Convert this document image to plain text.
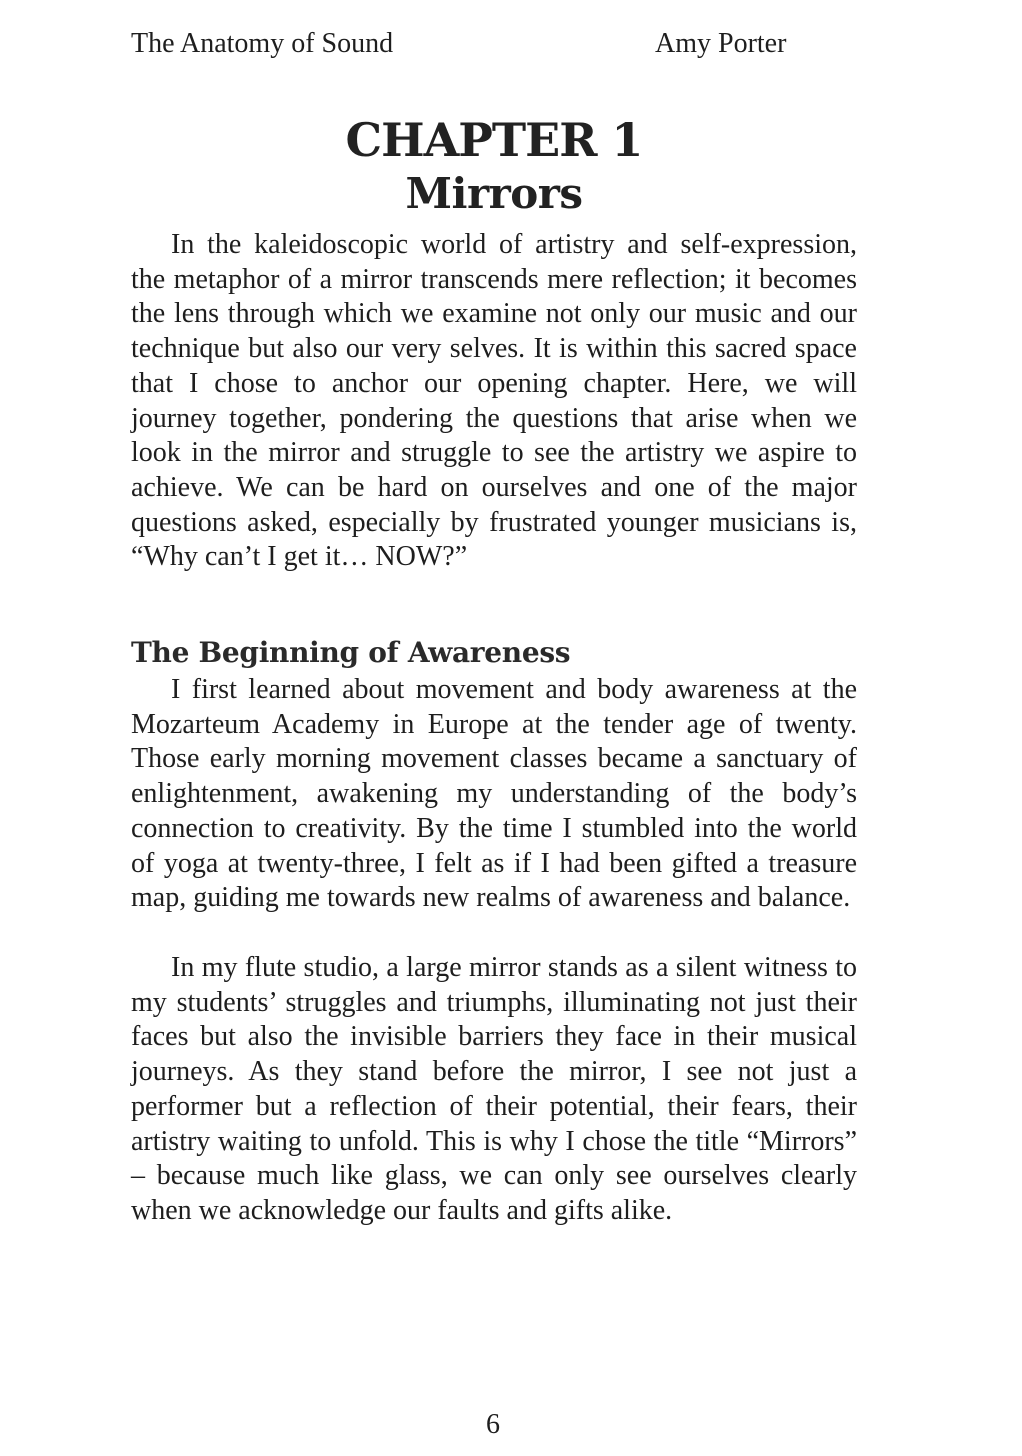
The Anatomy of Sound	Amy Porter
CHAPTER 1
Mirrors

In the kaleidoscopic world of artistry and self-expression, the metaphor of a mirror transcends mere reflection; it becomes the lens through which we examine not only our music and our technique but also our very selves. It is within this sacred space that I chose to anchor our opening chapter. Here, we will journey together, pondering the questions that arise when we look in the mirror and struggle to see the artistry we aspire to achieve. We can be hard on ourselves and one of the major questions asked, especially by frustrated younger musicians is, “Why can’t I get it… NOW?”

The Beginning of Awareness

I first learned about movement and body awareness at the Mozarteum Academy in Europe at the tender age of twenty. Those early morning movement classes became a sanctuary of enlightenment, awakening my understanding of the body’s connection to creativity. By the time I stumbled into the world of yoga at twenty-three, I felt as if I had been gifted a treasure map, guiding me towards new realms of awareness and balance.

In my flute studio, a large mirror stands as a silent witness to my students’ struggles and triumphs, illuminating not just their faces but also the invisible barriers they face in their musical journeys. As they stand before the mirror, I see not just a performer but a reflection of their potential, their fears, their artistry waiting to unfold. This is why I chose the title “Mirrors” – because much like glass, we can only see ourselves clearly when we acknowledge our faults and gifts alike.

6
